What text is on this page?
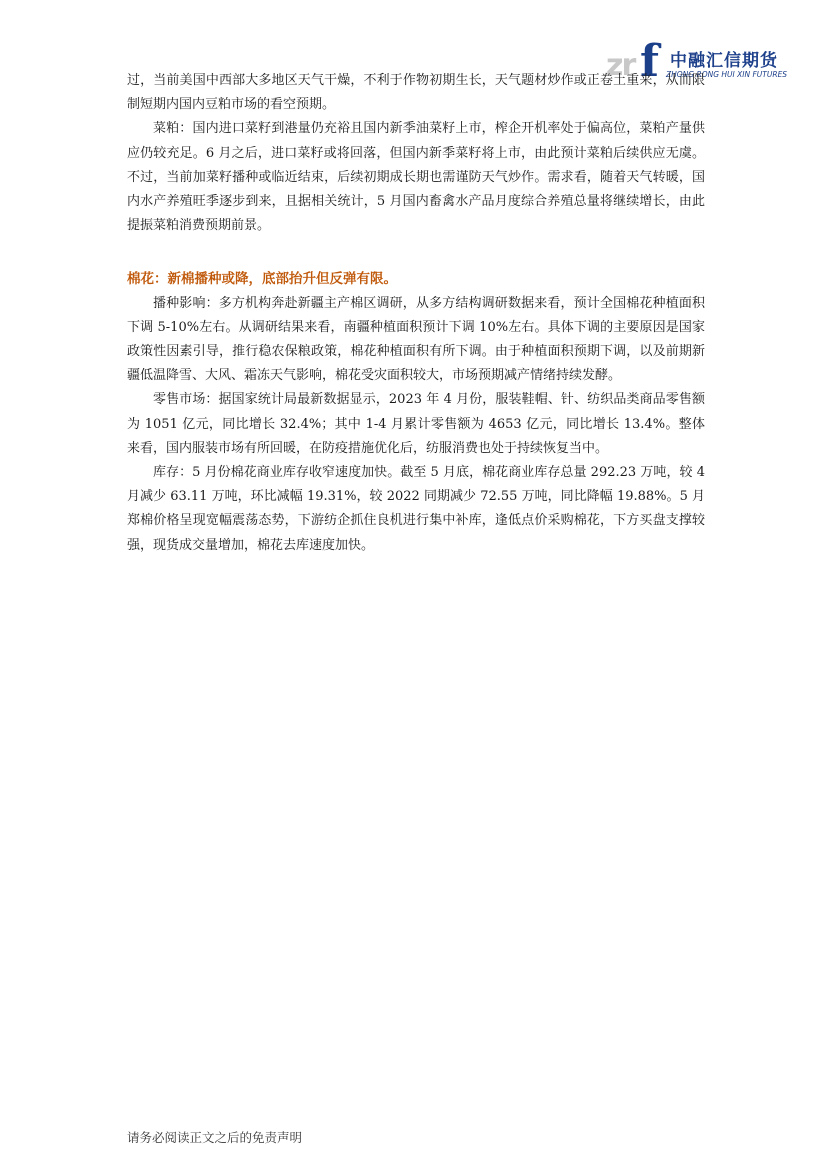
zr f 中融汇信期货
ZHONG RONG HUI XIN FUTURES

过，当前美国中西部大多地区天气干燥，不利于作物初期生长，天气题材炒作或正卷土重来，从而限制短期内国内豆粕市场的看空预期。

菜粕：国内进口菜籽到港量仍充裕且国内新季油菜籽上市，榨企开机率处于偏高位，菜粕产量供应仍较充足。6 月之后，进口菜籽或将回落，但国内新季菜籽将上市，由此预计菜粕后续供应无虞。不过，当前加菜籽播种或临近结束，后续初期成长期也需谨防天气炒作。需求看，随着天气转暖，国内水产养殖旺季逐步到来，且据相关统计，5 月国内畜禽水产品月度综合养殖总量将继续增长，由此提振菜粕消费预期前景。

棉花：新棉播种或降，底部抬升但反弹有限。

播种影响：多方机构奔赴新疆主产棉区调研，从多方结构调研数据来看，预计全国棉花种植面积下调 5-10%左右。从调研结果来看，南疆种植面积预计下调 10%左右。具体下调的主要原因是国家政策性因素引导，推行稳农保粮政策，棉花种植面积有所下调。由于种植面积预期下调，以及前期新疆低温降雪、大风、霜冻天气影响，棉花受灾面积较大，市场预期减产情绪持续发酵。

零售市场：据国家统计局最新数据显示，2023 年 4 月份，服装鞋帽、针、纺织品类商品零售额为 1051 亿元，同比增长 32.4%；其中 1-4 月累计零售额为 4653 亿元，同比增长 13.4%。整体来看，国内服装市场有所回暖，在防疫措施优化后，纺服消费也处于持续恢复当中。

库存：5 月份棉花商业库存收窄速度加快。截至 5 月底，棉花商业库存总量 292.23 万吨，较 4 月减少 63.11 万吨，环比减幅 19.31%，较 2022 同期减少 72.55 万吨，同比降幅 19.88%。5 月郑棉价格呈现宽幅震荡态势，下游纺企抓住良机进行集中补库，逢低点价采购棉花，下方买盘支撑较强，现货成交量增加，棉花去库速度加快。

请务必阅读正文之后的免责声明
